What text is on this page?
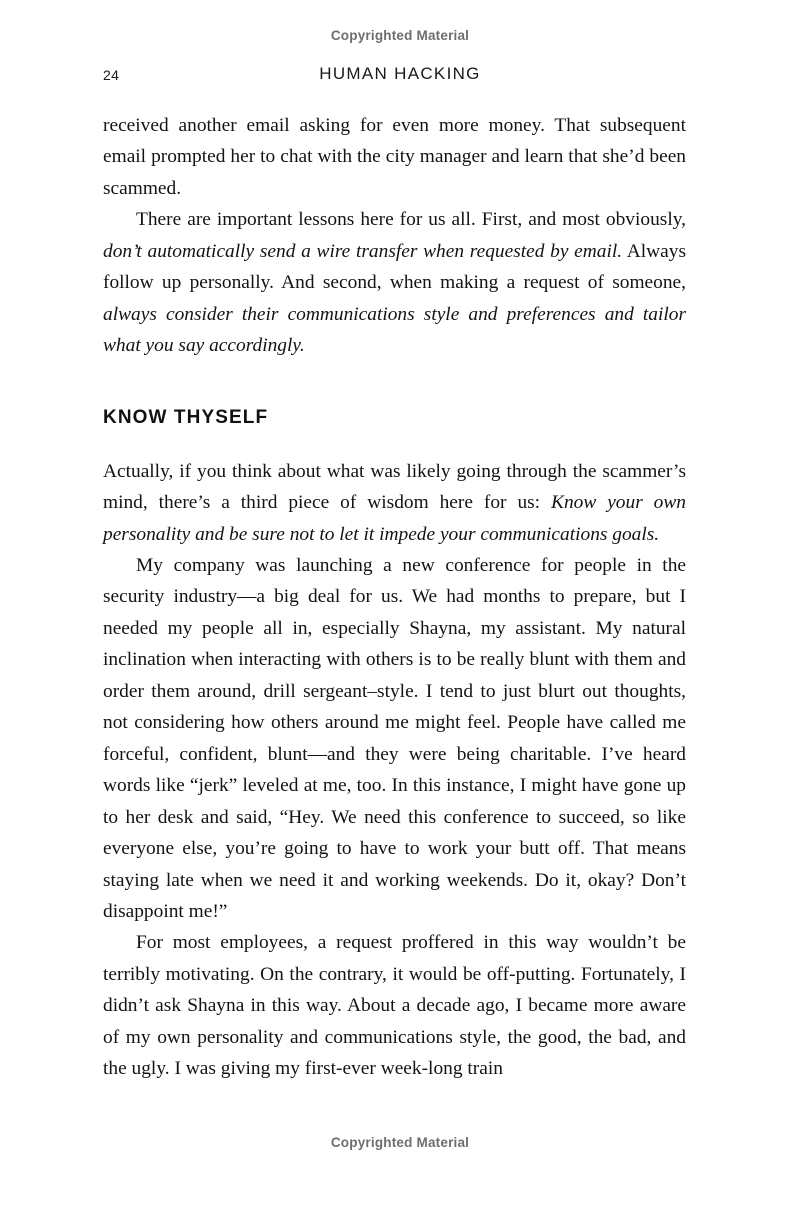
Copyrighted Material
24	HUMAN HACKING

received another email asking for even more money. That subsequent email prompted her to chat with the city manager and learn that she’d been scammed.

There are important lessons here for us all. First, and most obviously, don’t automatically send a wire transfer when requested by email. Always follow up personally. And second, when making a request of someone, always consider their communications style and preferences and tailor what you say accordingly.

KNOW THYSELF

Actually, if you think about what was likely going through the scammer’s mind, there’s a third piece of wisdom here for us: Know your own personality and be sure not to let it impede your communications goals.

My company was launching a new conference for people in the security industry—a big deal for us. We had months to prepare, but I needed my people all in, especially Shayna, my assistant. My natural inclination when interacting with others is to be really blunt with them and order them around, drill sergeant–style. I tend to just blurt out thoughts, not considering how others around me might feel. People have called me forceful, confident, blunt—and they were being charitable. I’ve heard words like “jerk” leveled at me, too. In this instance, I might have gone up to her desk and said, “Hey. We need this conference to succeed, so like everyone else, you’re going to have to work your butt off. That means staying late when we need it and working weekends. Do it, okay? Don’t disappoint me!”

For most employees, a request proffered in this way wouldn’t be terribly motivating. On the contrary, it would be off-putting. Fortunately, I didn’t ask Shayna in this way. About a decade ago, I became more aware of my own personality and communications style, the good, the bad, and the ugly. I was giving my first-ever week-long train

Copyrighted Material
